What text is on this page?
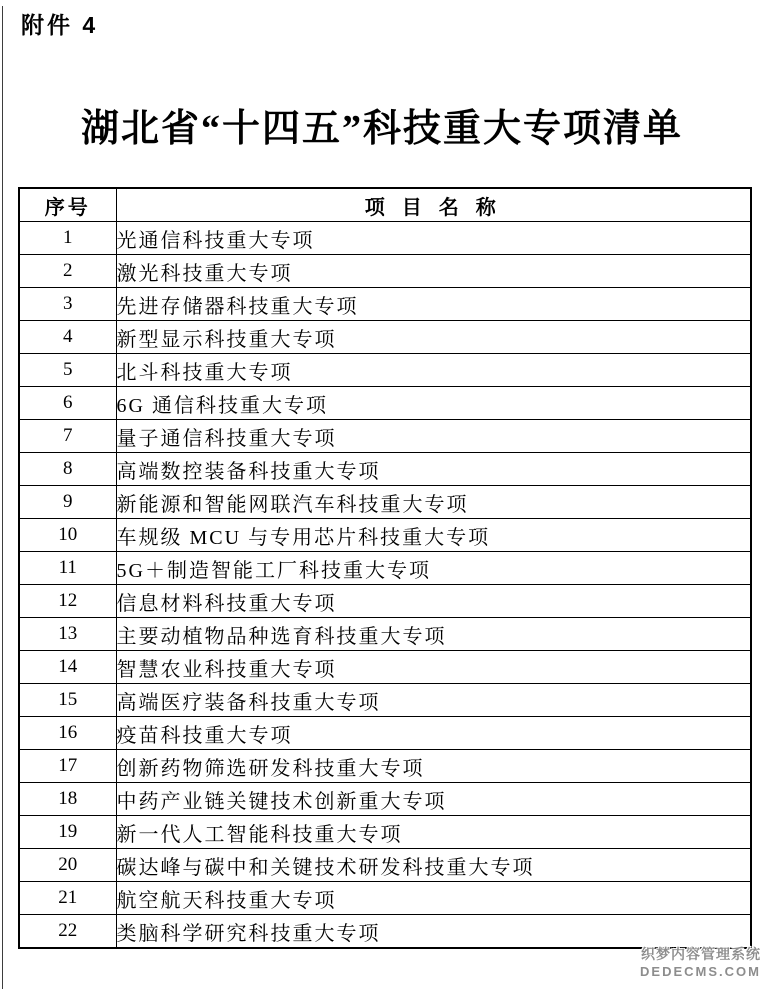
附件 4
湖北省“十四五”科技重大专项清单
序号	项 目 名 称
1	光通信科技重大专项
2	激光科技重大专项
3	先进存储器科技重大专项
4	新型显示科技重大专项
5	北斗科技重大专项
6	6G 通信科技重大专项
7	量子通信科技重大专项
8	高端数控装备科技重大专项
9	新能源和智能网联汽车科技重大专项
10	车规级 MCU 与专用芯片科技重大专项
11	5G＋制造智能工厂科技重大专项
12	信息材料科技重大专项
13	主要动植物品种选育科技重大专项
14	智慧农业科技重大专项
15	高端医疗装备科技重大专项
16	疫苗科技重大专项
17	创新药物筛选研发科技重大专项
18	中药产业链关键技术创新重大专项
19	新一代人工智能科技重大专项
20	碳达峰与碳中和关键技术研发科技重大专项
21	航空航天科技重大专项
22	类脑科学研究科技重大专项
织梦内容管理系统
DEDECMS.COM
